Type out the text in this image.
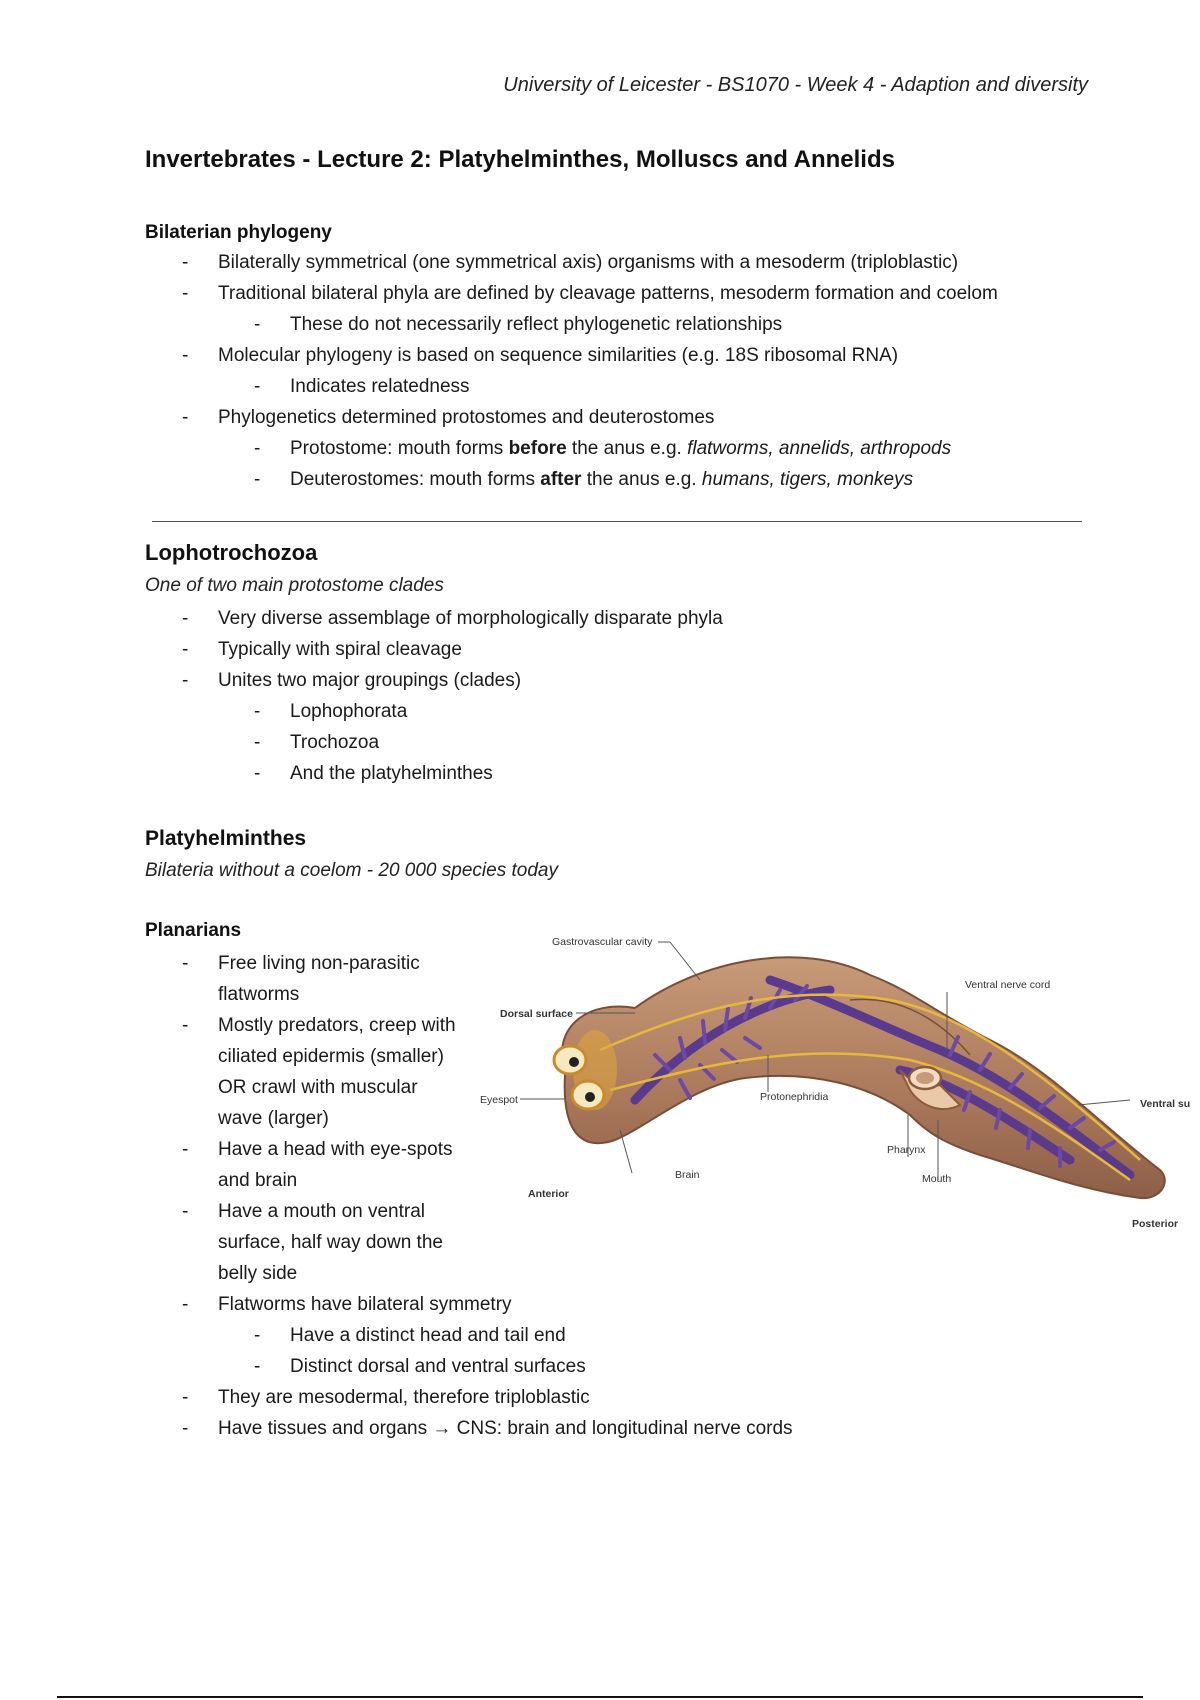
University of Leicester - BS1070 - Week 4 - Adaption and diversity
Invertebrates - Lecture 2: Platyhelminthes, Molluscs and Annelids
Bilaterian phylogeny
- Bilaterally symmetrical (one symmetrical axis) organisms with a mesoderm (triploblastic)
- Traditional bilateral phyla are defined by cleavage patterns, mesoderm formation and coelom
- These do not necessarily reflect phylogenetic relationships
- Molecular phylogeny is based on sequence similarities (e.g. 18S ribosomal RNA)
- Indicates relatedness
- Phylogenetics determined protostomes and deuterostomes
- Protostome: mouth forms before the anus e.g. flatworms, annelids, arthropods
- Deuterostomes: mouth forms after the anus e.g. humans, tigers, monkeys
Lophotrochozoa
One of two main protostome clades
- Very diverse assemblage of morphologically disparate phyla
- Typically with spiral cleavage
- Unites two major groupings (clades)
- Lophophorata
- Trochozoa
- And the platyhelminthes
Platyhelminthes
Bilateria without a coelom - 20 000 species today
Planarians
- Free living non-parasitic flatworms
- Mostly predators, creep with ciliated epidermis (smaller) OR crawl with muscular wave (larger)
- Have a head with eye-spots and brain
- Have a mouth on ventral surface, half way down the belly side
- Flatworms have bilateral symmetry
- Have a distinct head and tail end
- Distinct dorsal and ventral surfaces
- They are mesodermal, therefore triploblastic
- Have tissues and organs → CNS: brain and longitudinal nerve cords
Gastrovascular cavity
Ventral nerve cord
Dorsal surface
Eyespot	Protonephridia
Ventral su
Pharynx
Mouth
Brain
Anterior
Posterior
